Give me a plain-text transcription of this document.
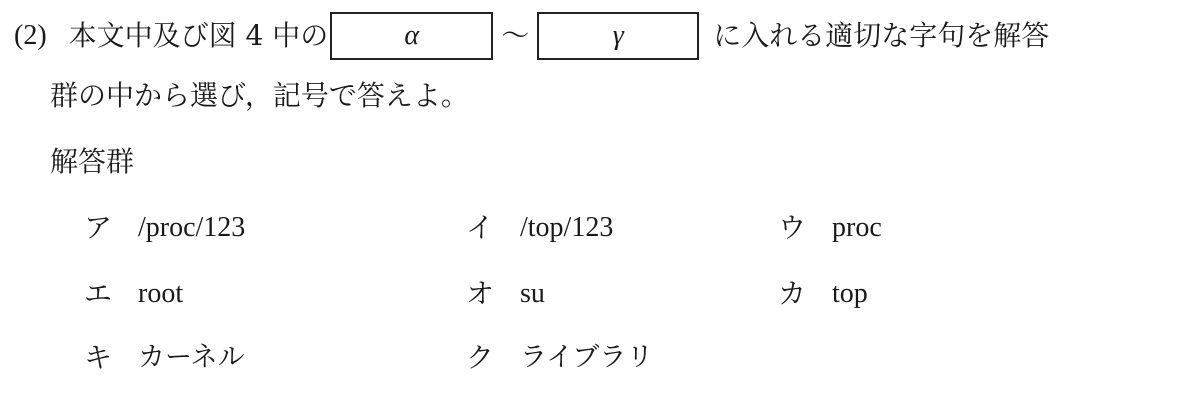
(2) 本文中及び図 4 中の	α	～	γ	に入れる適切な字句を解答
群の中から選び，記号で答えよ。
解答群
ア /proc/123	イ /top/123	ウ proc
エ root	オ su	カ top
キ カーネル	ク ライブラリ
